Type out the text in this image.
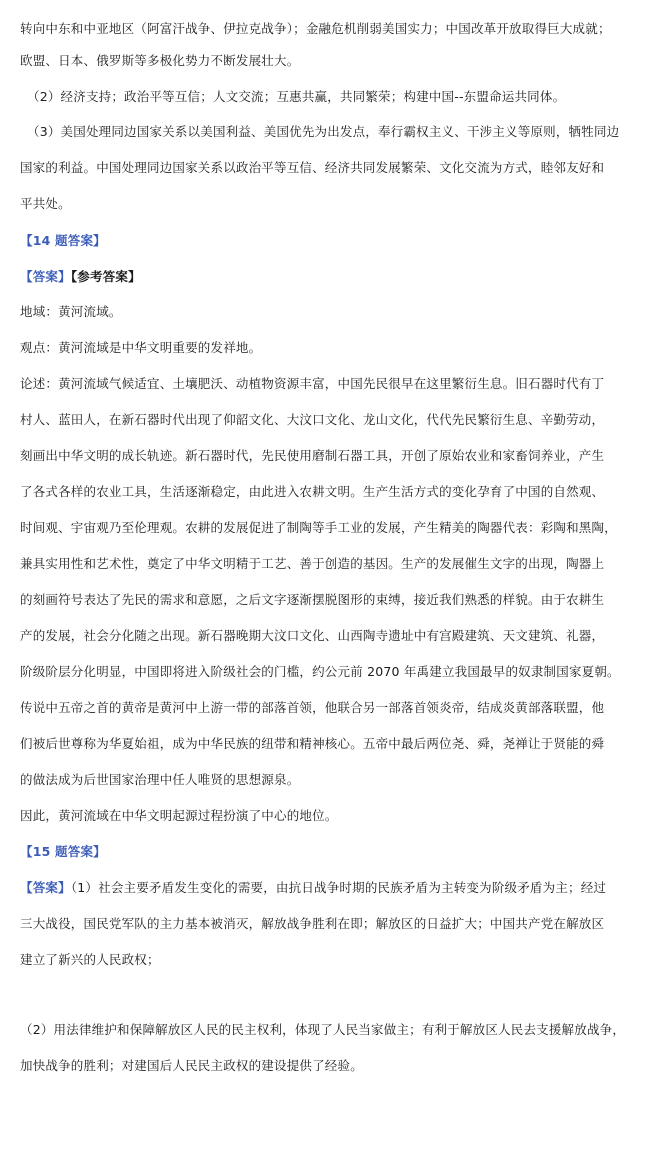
转向中东和中亚地区（阿富汗战争、伊拉克战争）；金融危机削弱美国实力；中国改革开放取得巨大成就；
欧盟、日本、俄罗斯等多极化势力不断发展壮大。
（2）经济支持；政治平等互信；人文交流；互惠共赢，共同繁荣；构建中国--东盟命运共同体。
（3）美国处理同边国家关系以美国利益、美国优先为出发点，奉行霸权主义、干涉主义等原则，牺牲同边
国家的利益。中国处理同边国家关系以政治平等互信、经济共同发展繁荣、文化交流为方式，睦邻友好和
平共处。
【14 题答案】
【答案】【参考答案】
地域：黄河流域。
观点：黄河流域是中华文明重要的发祥地。
论述：黄河流域气候适宜、土壤肥沃、动植物资源丰富，中国先民很早在这里繁衍生息。旧石器时代有丁
村人、蓝田人，在新石器时代出现了仰韶文化、大汶口文化、龙山文化，代代先民繁衍生息、辛勤劳动，
刻画出中华文明的成长轨迹。新石器时代，先民使用磨制石器工具，开创了原始农业和家畜饲养业，产生
了各式各样的农业工具，生活逐渐稳定，由此进入农耕文明。生产生活方式的变化孕育了中国的自然观、
时间观、宇宙观乃至伦理观。农耕的发展促进了制陶等手工业的发展，产生精美的陶器代表：彩陶和黑陶，
兼具实用性和艺术性，奠定了中华文明精于工艺、善于创造的基因。生产的发展催生文字的出现，陶器上
的刻画符号表达了先民的需求和意愿，之后文字逐渐摆脱图形的束缚，接近我们熟悉的样貌。由于农耕生
产的发展，社会分化随之出现。新石器晚期大汶口文化、山西陶寺遗址中有宫殿建筑、天文建筑、礼器，
阶级阶层分化明显，中国即将进入阶级社会的门槛，约公元前 2070 年禹建立我国最早的奴隶制国家夏朝。
传说中五帝之首的黄帝是黄河中上游一带的部落首领，他联合另一部落首领炎帝，结成炎黄部落联盟，他
们被后世尊称为华夏始祖，成为中华民族的纽带和精神核心。五帝中最后两位尧、舜，尧禅让于贤能的舜
的做法成为后世国家治理中任人唯贤的思想源泉。
因此，黄河流域在中华文明起源过程扮演了中心的地位。
【15 题答案】
【答案】（1）社会主要矛盾发生变化的需要，由抗日战争时期的民族矛盾为主转变为阶级矛盾为主；经过
三大战役，国民党军队的主力基本被消灭，解放战争胜利在即；解放区的日益扩大；中国共产党在解放区
建立了新兴的人民政权；
（2）用法律维护和保障解放区人民的民主权利，体现了人民当家做主；有利于解放区人民去支援解放战争，
加快战争的胜利；对建国后人民民主政权的建设提供了经验。
